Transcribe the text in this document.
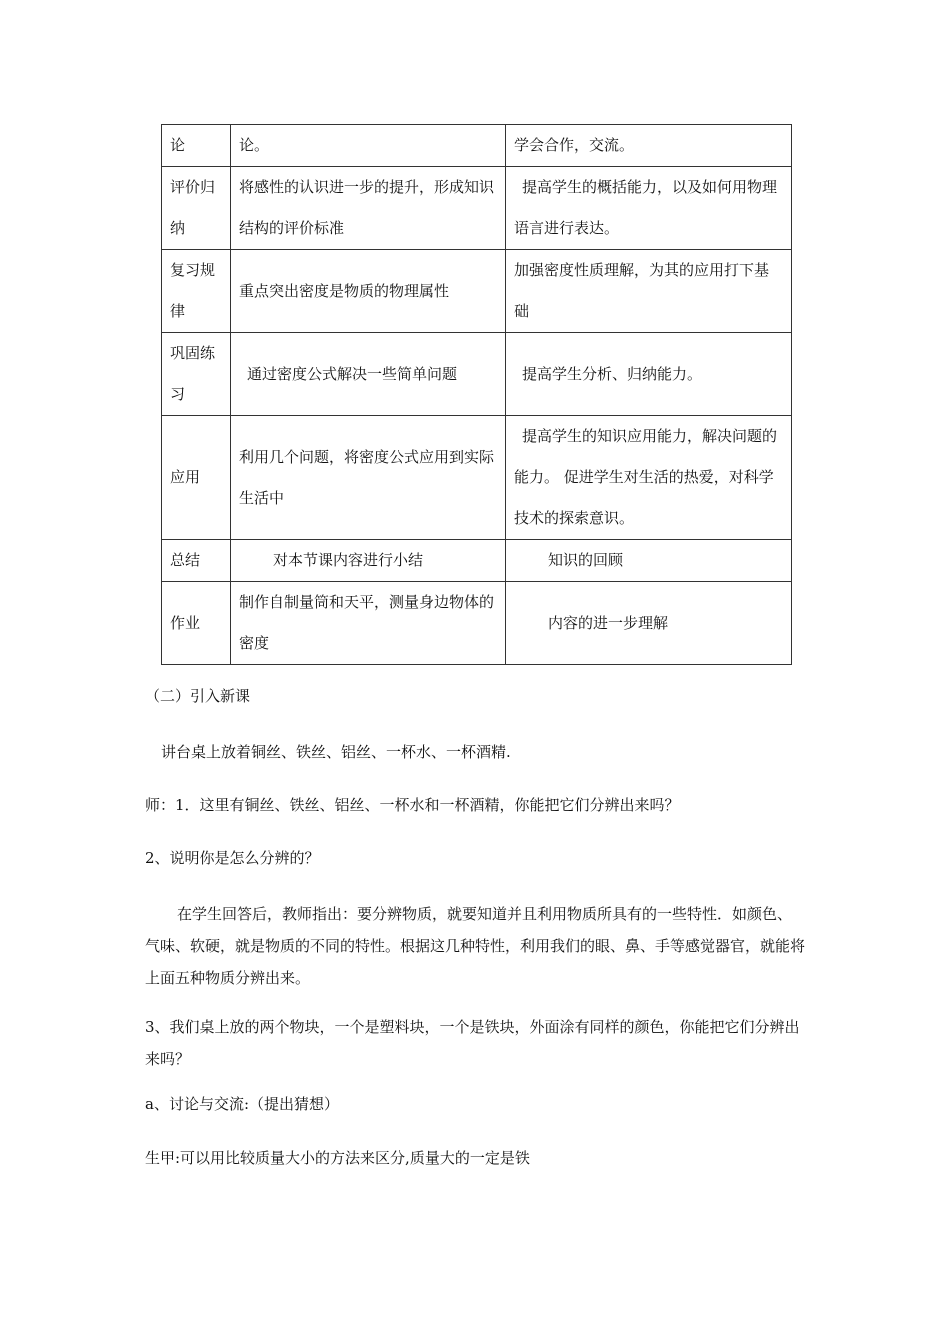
论	论。	学会合作，交流。
评价归纳	将感性的认识进一步的提升，形成知识结构的评价标准	提高学生的概括能力，以及如何用物理语言进行表达。
复习规律	重点突出密度是物质的物理属性	加强密度性质理解，为其的应用打下基础
巩固练习	通过密度公式解决一些简单问题	提高学生分析、归纳能力。
应用	利用几个问题，将密度公式应用到实际生活中	提高学生的知识应用能力，解决问题的能力。 促进学生对生活的热爱，对科学技术的探索意识。
总结	对本节课内容进行小结	知识的回顾
作业	制作自制量筒和天平，测量身边物体的密度	内容的进一步理解
（二）引入新课
讲台桌上放着铜丝、铁丝、铝丝、一杯水、一杯酒精.
师：1．这里有铜丝、铁丝、铝丝、一杯水和一杯酒精，你能把它们分辨出来吗？
2、说明你是怎么分辨的？
在学生回答后，教师指出：要分辨物质，就要知道并且利用物质所具有的一些特性．如颜色、气味、软硬，就是物质的不同的特性。根据这几种特性，利用我们的眼、鼻、手等感觉器官，就能将上面五种物质分辨出来。
3、我们桌上放的两个物块，一个是塑料块，一个是铁块，外面涂有同样的颜色，你能把它们分辨出来吗？
a、讨论与交流:（提出猜想）
生甲:可以用比较质量大小的方法来区分,质量大的一定是铁
